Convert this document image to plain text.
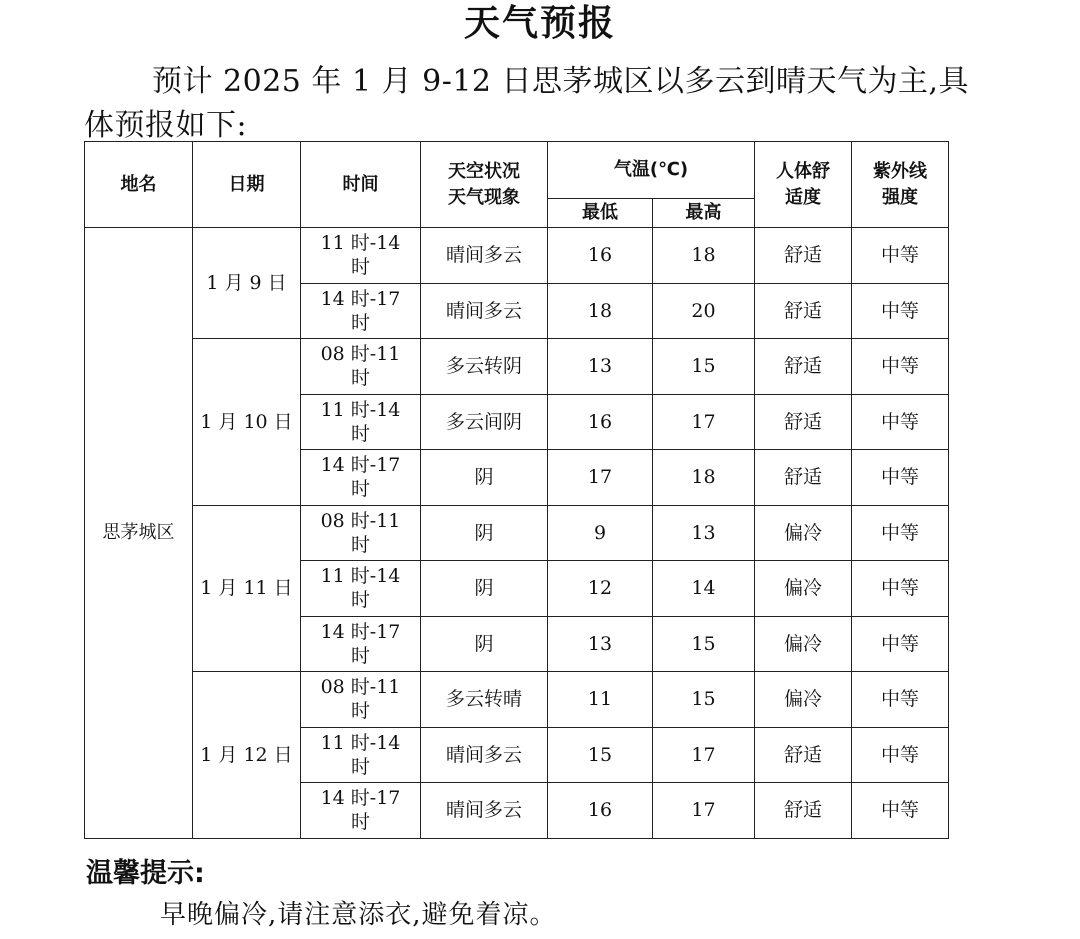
天气预报
预计 2025 年 1 月 9-12 日思茅城区以多云到晴天气为主,具体预报如下:
地名	日期	时间	天空状况天气现象	气温(℃)		人体舒适度	紫外线强度

				最低	最高		
思茅城区	1 月 9 日	11 时-14 时	晴间多云	16	18	舒适	中等

		14 时-17 时	晴间多云	18	20	舒适	中等
	1 月 10 日	08 时-11 时	多云转阴	13	15	舒适	中等

		11 时-14 时	多云间阴	16	17	舒适	中等

		14 时-17 时	阴	17	18	舒适	中等
	1 月 11 日	08 时-11 时	阴	9	13	偏冷	中等

		11 时-14 时	阴	12	14	偏冷	中等

		14 时-17 时	阴	13	15	偏冷	中等
	1 月 12 日	08 时-11 时	多云转晴	11	15	偏冷	中等

		11 时-14 时	晴间多云	15	17	舒适	中等

		14 时-17 时	晴间多云	16	17	舒适	中等
温馨提示:
早晚偏冷,请注意添衣,避免着凉。
